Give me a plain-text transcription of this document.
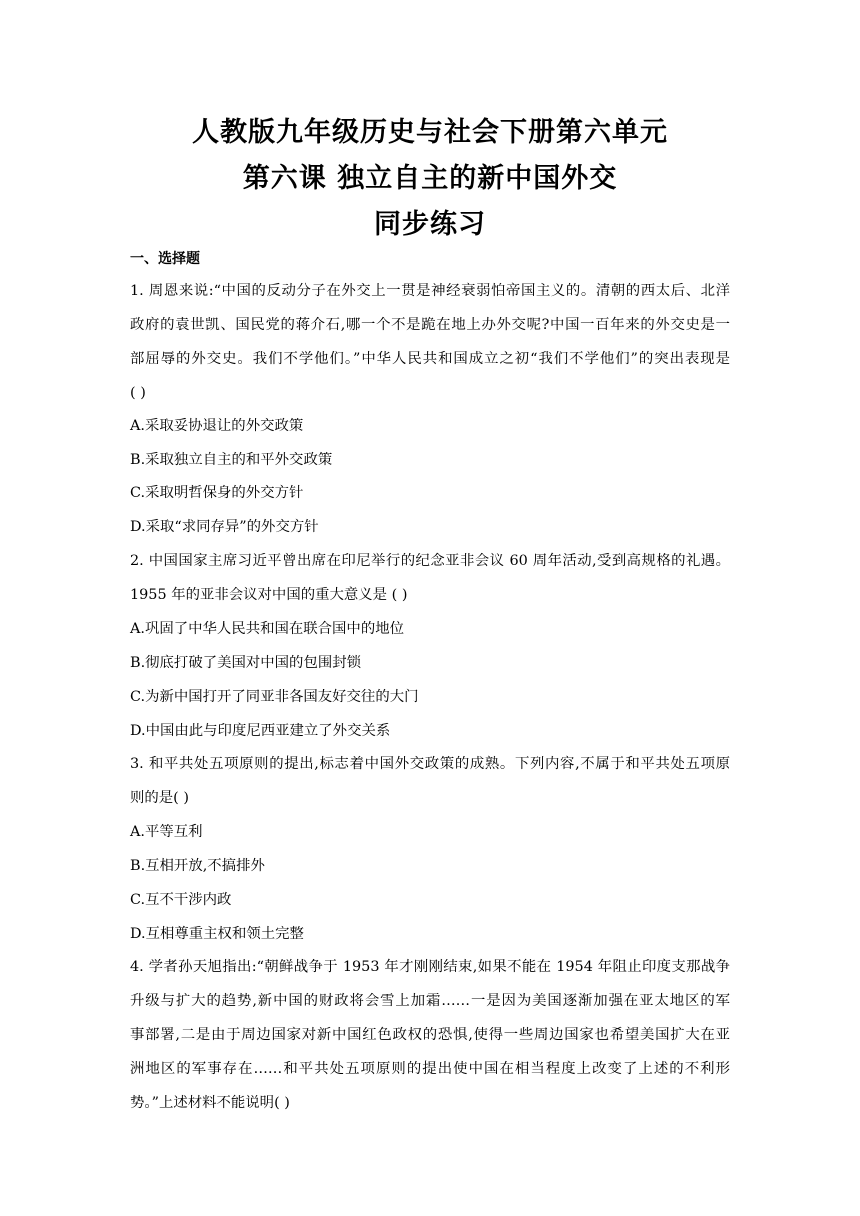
人教版九年级历史与社会下册第六单元
第六课 独立自主的新中国外交
同步练习
一、选择题
1. 周恩来说:“中国的反动分子在外交上一贯是神经衰弱怕帝国主义的。清朝的西太后、北洋
政府的袁世凯、国民党的蒋介石,哪一个不是跪在地上办外交呢?中国一百年来的外交史是一
部屈辱的外交史。我们不学他们。”中华人民共和国成立之初“我们不学他们”的突出表现是
( )
A.采取妥协退让的外交政策
B.采取独立自主的和平外交政策
C.采取明哲保身的外交方针
D.采取“求同存异”的外交方针
2. 中国国家主席习近平曾出席在印尼举行的纪念亚非会议 60 周年活动,受到高规格的礼遇。
1955 年的亚非会议对中国的重大意义是 ( )
A.巩固了中华人民共和国在联合国中的地位
B.彻底打破了美国对中国的包围封锁
C.为新中国打开了同亚非各国友好交往的大门
D.中国由此与印度尼西亚建立了外交关系
3. 和平共处五项原则的提出,标志着中国外交政策的成熟。下列内容,不属于和平共处五项原
则的是( )
A.平等互利
B.互相开放,不搞排外
C.互不干涉内政
D.互相尊重主权和领土完整
4. 学者孙天旭指出:“朝鲜战争于 1953 年才刚刚结束,如果不能在 1954 年阻止印度支那战争
升级与扩大的趋势,新中国的财政将会雪上加霜……一是因为美国逐渐加强在亚太地区的军
事部署,二是由于周边国家对新中国红色政权的恐惧,使得一些周边国家也希望美国扩大在亚
洲地区的军事存在……和平共处五项原则的提出使中国在相当程度上改变了上述的不利形
势。”上述材料不能说明( )
